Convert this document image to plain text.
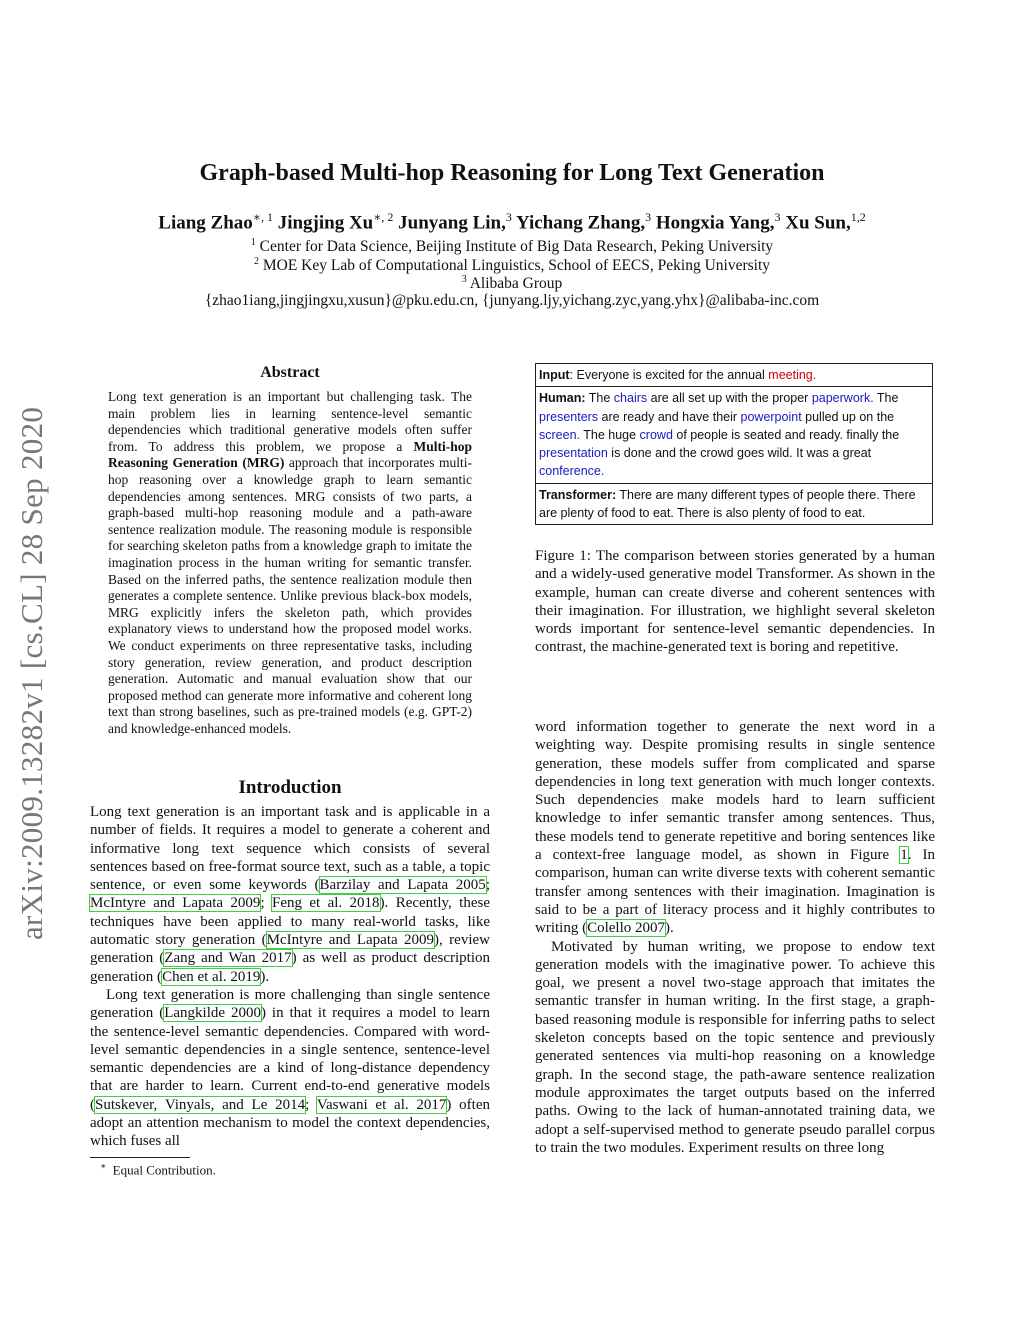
arXiv:2009.13282v1 [cs.CL] 28 Sep 2020
Graph-based Multi-hop Reasoning for Long Text Generation
Liang Zhao$^{∗, 1}$ Jingjing $Xu^{∗, 2}$ Junyang Lin,$^3$ Yichang Zhang,$^3$ Hongxia Yang,$^3$ Xu Sun,$^{1,2}$
$^1$ Center for Data Science, Beijing Institute of Big Data Research, Peking University
$^2$ MOE Key Lab of Computational Linguistics, School of EECS, Peking University
$^3$ Alibaba Group
{zhao1iang,jingjingxu,xusun}@pku.edu.cn, {junyang.ljy,yichang.zyc,yang.yhx}@alibaba-inc.com
Abstract
Long text generation is an important but challenging task. The main problem lies in learning sentence-level semantic dependencies which traditional generative models often suffer from. To address this problem, we propose a Multi-hop Reasoning Generation (MRG) approach that incorporates multi-hop reasoning over a knowledge graph to learn semantic dependencies among sentences. MRG consists of two parts, a graph-based multi-hop reasoning module and a path-aware sentence realization module. The reasoning module is responsible for searching skeleton paths from a knowledge graph to imitate the imagination process in the human writing for semantic transfer. Based on the inferred paths, the sentence realization module then generates a complete sentence. Unlike previous black-box models, MRG explicitly infers the skeleton path, which provides explanatory views to understand how the proposed model works. We conduct experiments on three representative tasks, including story generation, review generation, and product description generation. Automatic and manual evaluation show that our proposed method can generate more informative and coherent long text than strong baselines, such as pre-trained models (e.g. GPT-2) and knowledge-enhanced models.
Introduction

Long text generation is an important task and is applicable in a number of fields. It requires a model to generate a coherent and informative long text sequence which consists of several sentences based on free-format source text, such as a table, a topic sentence, or even some keywords (Barzilay and Lapata 2005; McIntyre and Lapata 2009; Feng et al. 2018). Recently, these techniques have been applied to many real-world tasks, like automatic story generation (McIntyre and Lapata 2009), review generation (Zang and Wan 2017) as well as product description generation (Chen et al. 2019).

Long text generation is more challenging than single sentence generation (Langkilde 2000) in that it requires a model to learn the sentence-level semantic dependencies. Compared with word-level semantic dependencies in a single sentence, sentence-level semantic dependencies are a kind of long-distance dependency that are harder to learn. Current end-to-end generative models (Sutskever, Vinyals, and Le 2014; Vaswani et al. 2017) often adopt an attention mechanism to model the context dependencies, which fuses all

Input: Everyone is excited for the annual meeting.
Human: The chairs are all set up with the proper paperwork. The presenters are ready and have their powerpoint pulled up on the screen. The huge crowd of people is seated and ready. finally the presentation is done and the crowd goes wild. It was a great conference.
Transformer: There are many different types of people there. There are plenty of food to eat. There is also plenty of food to eat.
Figure 1: The comparison between stories generated by a human and a widely-used generative model Transformer. As shown in the example, human can create diverse and coherent sentences with their imagination. For illustration, we highlight several skeleton words important for sentence-level semantic dependencies. In contrast, the machine-generated text is boring and repetitive.

word information together to generate the next word in a weighting way. Despite promising results in single sentence generation, these models suffer from complicated and sparse dependencies in long text generation with much longer contexts. Such dependencies make models hard to learn sufficient knowledge to infer semantic transfer among sentences. Thus, these models tend to generate repetitive and boring sentences like a context-free language model, as shown in Figure 1. In comparison, human can write diverse texts with coherent semantic transfer among sentences with their imagination. Imagination is said to be a part of literacy process and it highly contributes to writing (Colello 2007).

Motivated by human writing, we propose to endow text generation models with the imaginative power. To achieve this goal, we present a novel two-stage approach that imitates the semantic transfer in human writing. In the first stage, a graph-based reasoning module is responsible for inferring paths to select skeleton concepts based on the topic sentence and previously generated sentences via multi-hop reasoning on a knowledge graph. In the second stage, the path-aware sentence realization module approximates the target outputs based on the inferred paths. Owing to the lack of human-annotated training data, we adopt a self-supervised method to generate pseudo parallel corpus to train the two modules. Experiment results on three long

∗ Equal Contribution.
